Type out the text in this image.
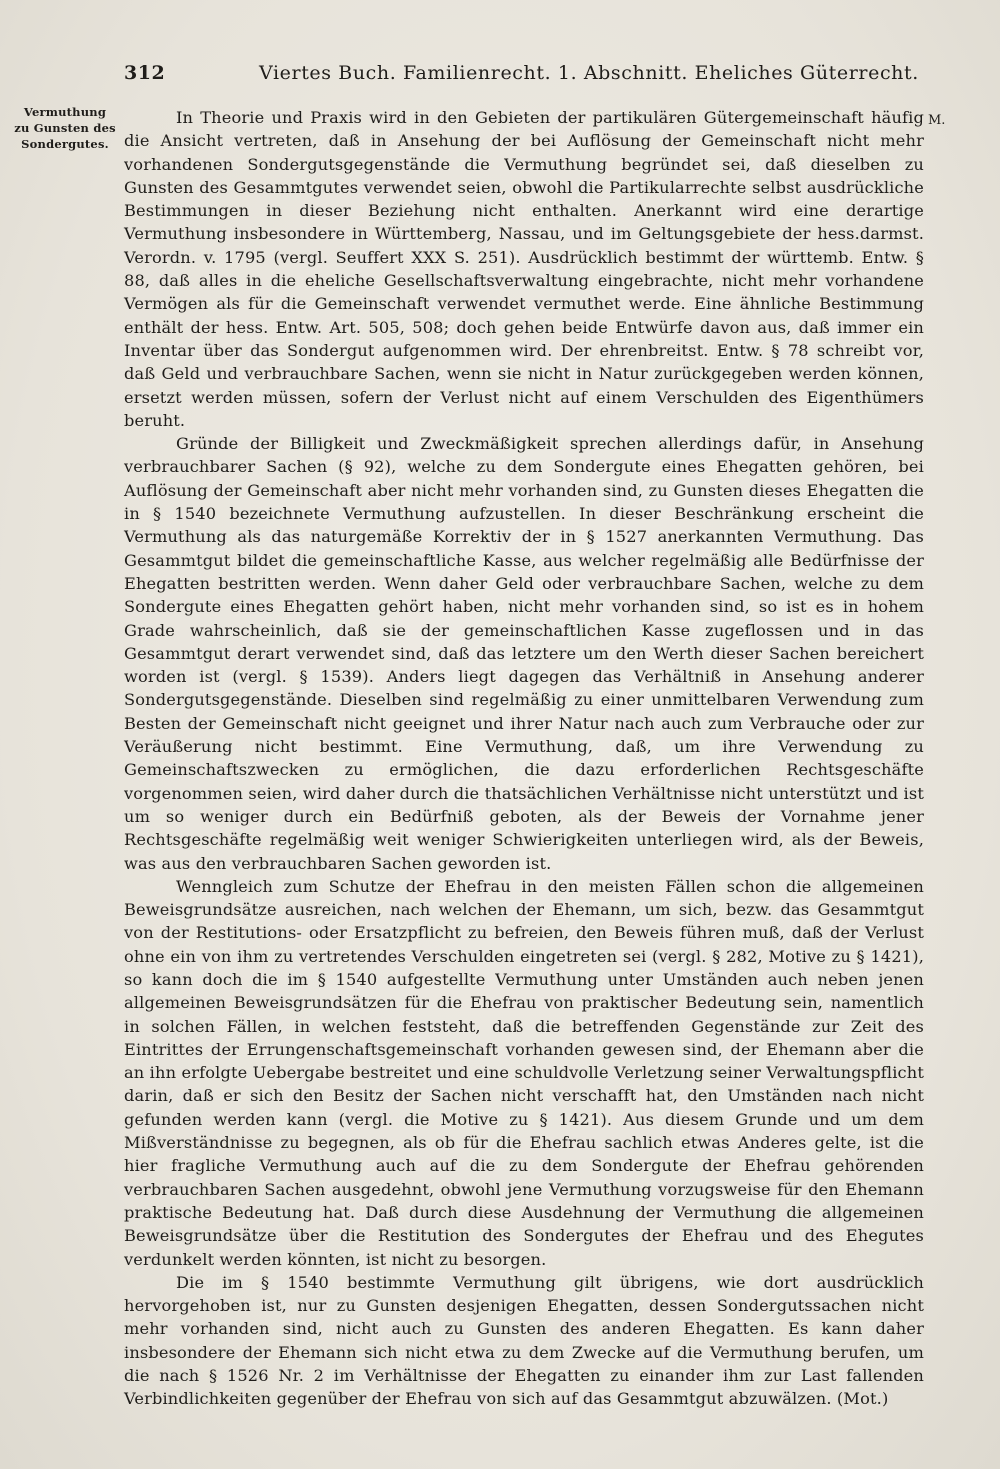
312	Viertes Buch. Familienrecht. 1. Abschnitt. Eheliches Güterrecht.
Vermuthung
zu Gunsten des
Sondergutes.
M.

In Theorie und Praxis wird in den Gebieten der partikulären Gütergemeinschaft häufig die Ansicht vertreten, daß in Ansehung der bei Auflösung der Gemeinschaft nicht mehr vorhandenen Sondergutsgegenstände die Vermuthung begründet sei, daß dieselben zu Gunsten des Gesammtgutes verwendet seien, obwohl die Partikularrechte selbst ausdrückliche Bestimmungen in dieser Beziehung nicht enthalten. Anerkannt wird eine derartige Vermuthung insbesondere in Württemberg, Nassau, und im Geltungsgebiete der hess.darmst. Verordn. v. 1795 (vergl. Seuffert XXX S. 251). Ausdrücklich bestimmt der württemb. Entw. § 88, daß alles in die eheliche Gesellschaftsverwaltung eingebrachte, nicht mehr vorhandene Vermögen als für die Gemeinschaft verwendet vermuthet werde. Eine ähnliche Bestimmung enthält der hess. Entw. Art. 505, 508; doch gehen beide Entwürfe davon aus, daß immer ein Inventar über das Sondergut aufgenommen wird. Der ehrenbreitst. Entw. § 78 schreibt vor, daß Geld und verbrauchbare Sachen, wenn sie nicht in Natur zurückgegeben werden können, ersetzt werden müssen, sofern der Verlust nicht auf einem Verschulden des Eigenthümers beruht.

Gründe der Billigkeit und Zweckmäßigkeit sprechen allerdings dafür, in Ansehung verbrauchbarer Sachen (§ 92), welche zu dem Sondergute eines Ehegatten gehören, bei Auflösung der Gemeinschaft aber nicht mehr vorhanden sind, zu Gunsten dieses Ehegatten die in § 1540 bezeichnete Vermuthung aufzustellen. In dieser Beschränkung erscheint die Vermuthung als das naturgemäße Korrektiv der in § 1527 anerkannten Vermuthung. Das Gesammtgut bildet die gemeinschaftliche Kasse, aus welcher regelmäßig alle Bedürfnisse der Ehegatten bestritten werden. Wenn daher Geld oder verbrauchbare Sachen, welche zu dem Sondergute eines Ehegatten gehört haben, nicht mehr vorhanden sind, so ist es in hohem Grade wahrscheinlich, daß sie der gemeinschaftlichen Kasse zugeflossen und in das Gesammtgut derart verwendet sind, daß das letztere um den Werth dieser Sachen bereichert worden ist (vergl. § 1539). Anders liegt dagegen das Verhältniß in Ansehung anderer Sondergutsgegenstände. Dieselben sind regelmäßig zu einer unmittelbaren Verwendung zum Besten der Gemeinschaft nicht geeignet und ihrer Natur nach auch zum Verbrauche oder zur Veräußerung nicht bestimmt. Eine Vermuthung, daß, um ihre Verwendung zu Gemeinschaftszwecken zu ermöglichen, die dazu erforderlichen Rechtsgeschäfte vorgenommen seien, wird daher durch die thatsächlichen Verhältnisse nicht unterstützt und ist um so weniger durch ein Bedürfniß geboten, als der Beweis der Vornahme jener Rechtsgeschäfte regelmäßig weit weniger Schwierigkeiten unterliegen wird, als der Beweis, was aus den verbrauchbaren Sachen geworden ist.

Wenngleich zum Schutze der Ehefrau in den meisten Fällen schon die allgemeinen Beweisgrundsätze ausreichen, nach welchen der Ehemann, um sich, bezw. das Gesammtgut von der Restitutions- oder Ersatzpflicht zu befreien, den Beweis führen muß, daß der Verlust ohne ein von ihm zu vertretendes Verschulden eingetreten sei (vergl. § 282, Motive zu § 1421), so kann doch die im § 1540 aufgestellte Vermuthung unter Umständen auch neben jenen allgemeinen Beweisgrundsätzen für die Ehefrau von praktischer Bedeutung sein, namentlich in solchen Fällen, in welchen feststeht, daß die betreffenden Gegenstände zur Zeit des Eintrittes der Errungenschaftsgemeinschaft vorhanden gewesen sind, der Ehemann aber die an ihn erfolgte Uebergabe bestreitet und eine schuldvolle Verletzung seiner Verwaltungspflicht darin, daß er sich den Besitz der Sachen nicht verschafft hat, den Umständen nach nicht gefunden werden kann (vergl. die Motive zu § 1421). Aus diesem Grunde und um dem Mißverständnisse zu begegnen, als ob für die Ehefrau sachlich etwas Anderes gelte, ist die hier fragliche Vermuthung auch auf die zu dem Sondergute der Ehefrau gehörenden verbrauchbaren Sachen ausgedehnt, obwohl jene Vermuthung vorzugsweise für den Ehemann praktische Bedeutung hat. Daß durch diese Ausdehnung der Vermuthung die allgemeinen Beweisgrundsätze über die Restitution des Sondergutes der Ehefrau und des Ehegutes verdunkelt werden könnten, ist nicht zu besorgen.

Die im § 1540 bestimmte Vermuthung gilt übrigens, wie dort ausdrücklich hervorgehoben ist, nur zu Gunsten desjenigen Ehegatten, dessen Sondergutssachen nicht mehr vorhanden sind, nicht auch zu Gunsten des anderen Ehegatten. Es kann daher insbesondere der Ehemann sich nicht etwa zu dem Zwecke auf die Vermuthung berufen, um die nach § 1526 Nr. 2 im Verhältnisse der Ehegatten zu einander ihm zur Last fallenden Verbindlichkeiten gegenüber der Ehefrau von sich auf das Gesammtgut abzuwälzen. (Mot.)
